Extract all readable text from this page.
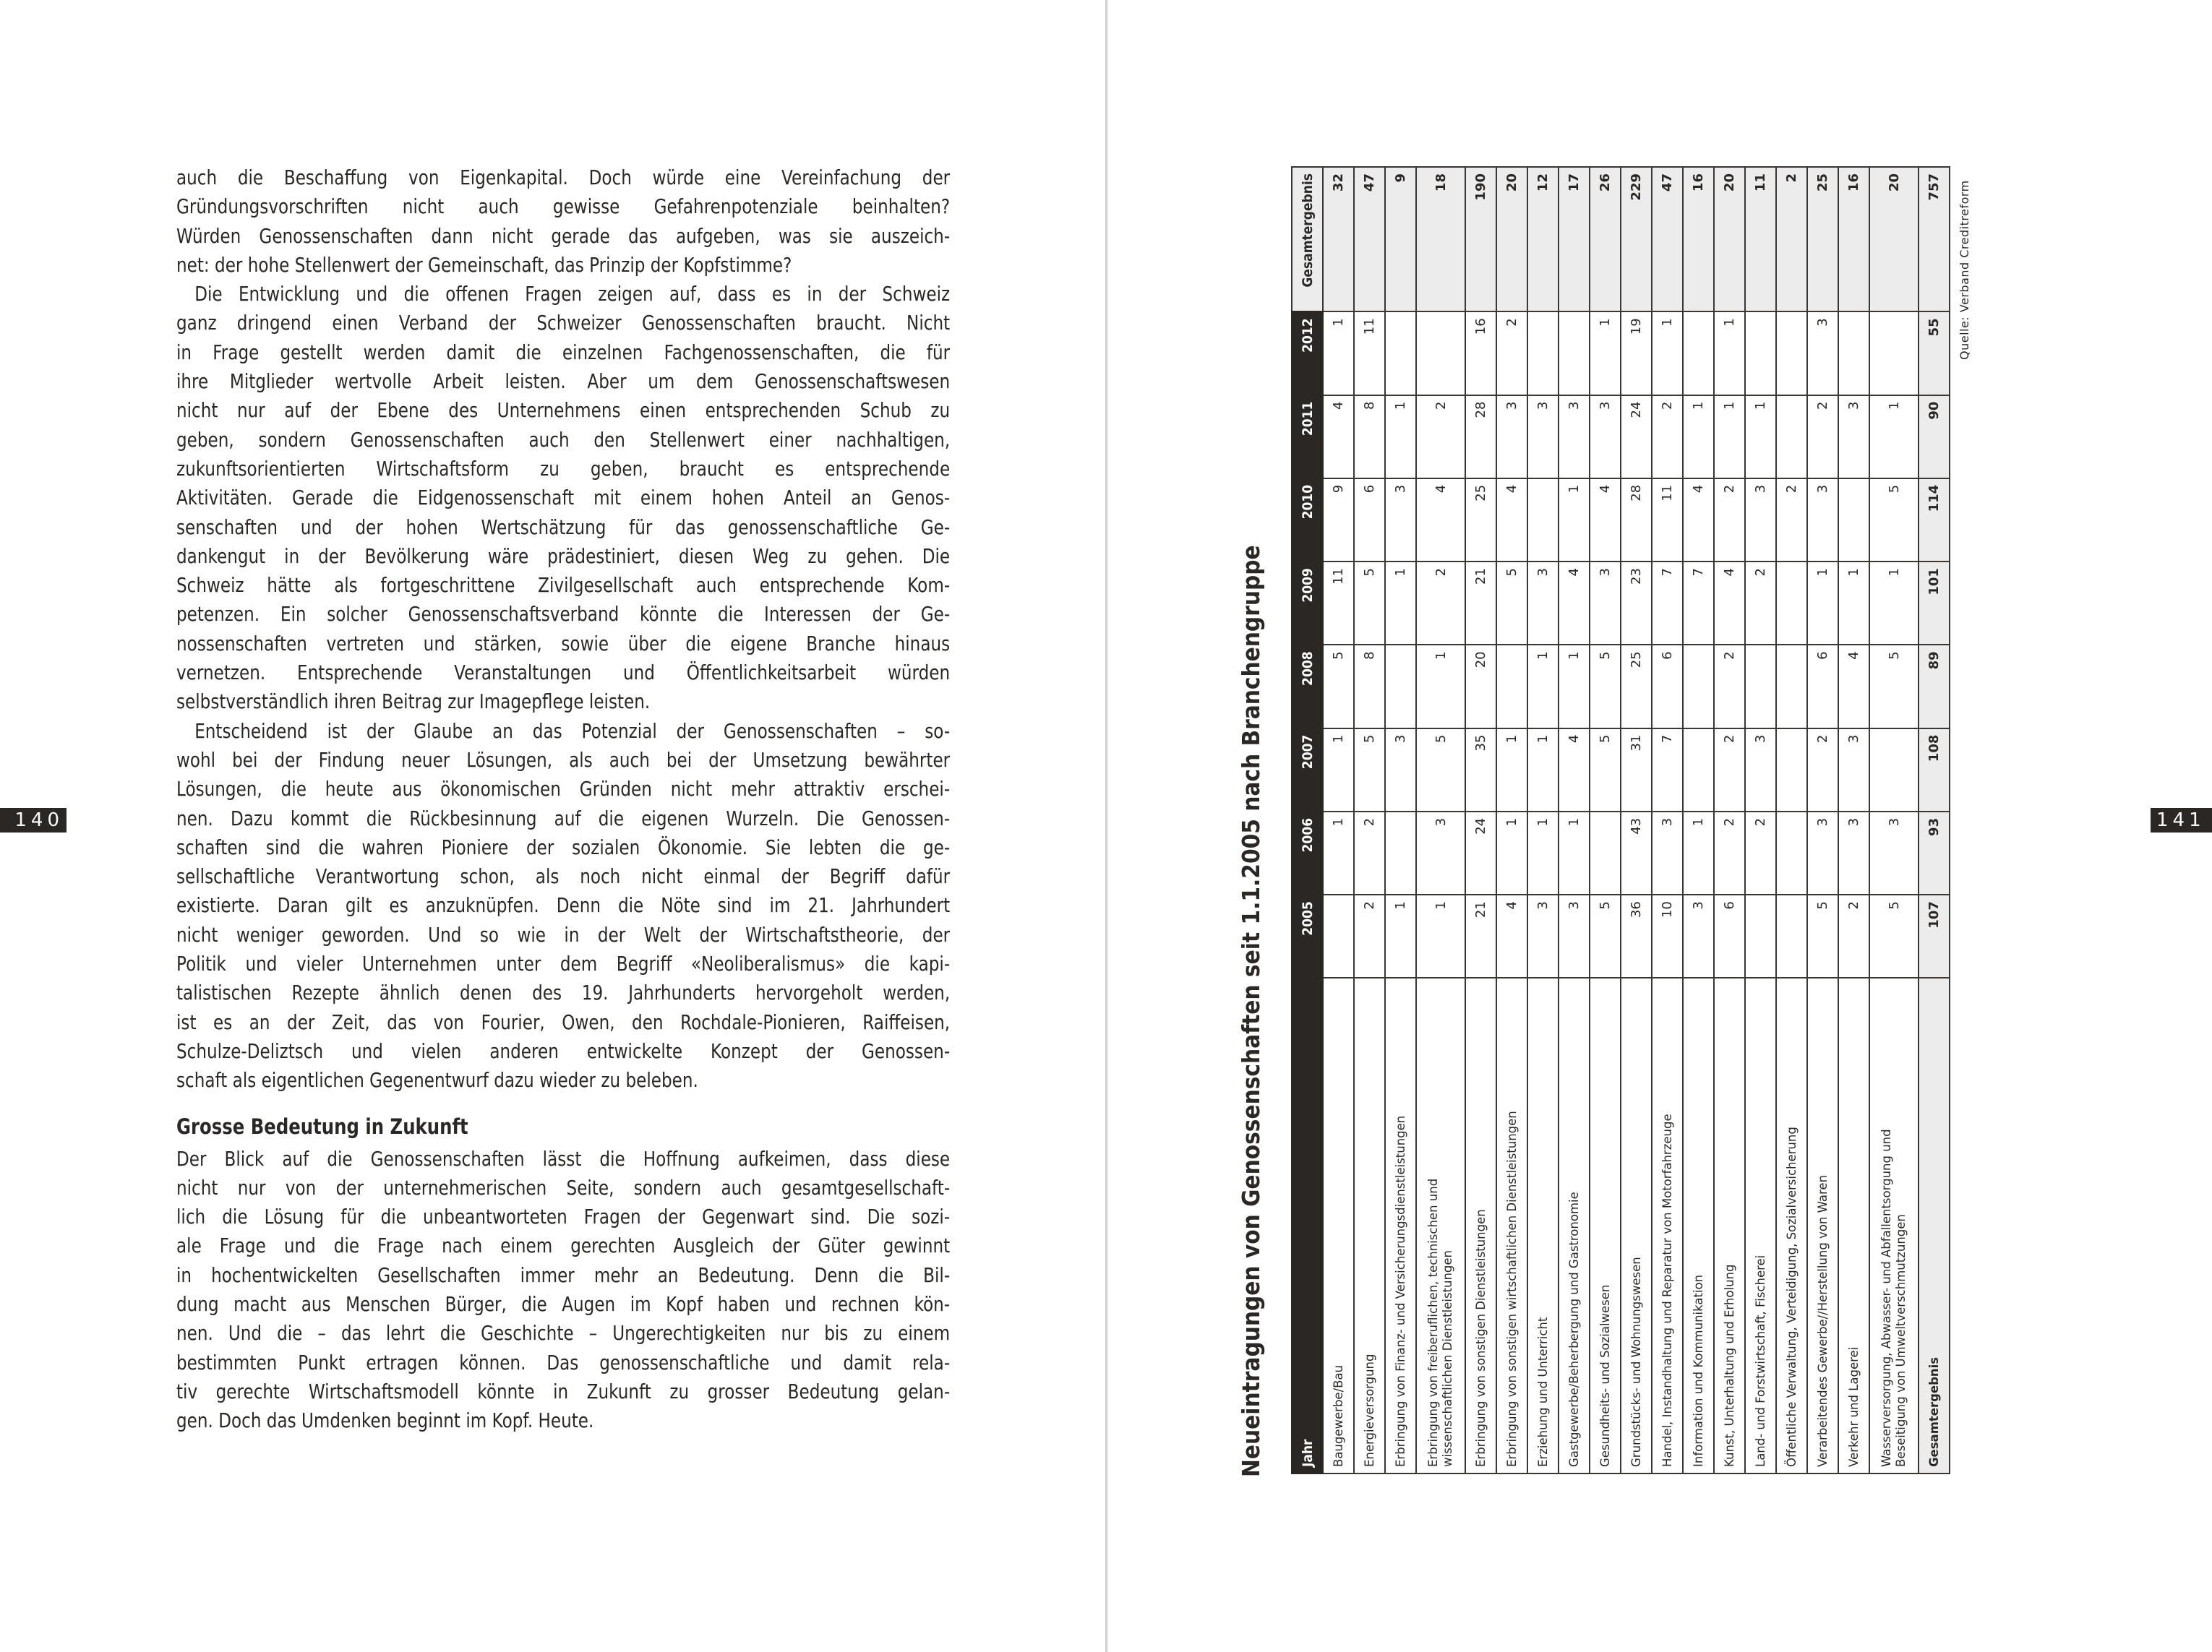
140	141

auch die Beschaffung von Eigenkapital. Doch würde eine Vereinfachung der
Gründungsvorschriften nicht auch gewisse Gefahrenpotenziale beinhalten?
Würden Genossenschaften dann nicht gerade das aufgeben, was sie auszeich-
net: der hohe Stellenwert der Gemeinschaft, das Prinzip der Kopfstimme?

Die Entwicklung und die offenen Fragen zeigen auf, dass es in der Schweiz
ganz dringend einen Verband der Schweizer Genossenschaften braucht. Nicht
in Frage gestellt werden damit die einzelnen Fachgenossenschaften, die für
ihre Mitglieder wertvolle Arbeit leisten. Aber um dem Genossenschaftswesen
nicht nur auf der Ebene des Unternehmens einen entsprechenden Schub zu
geben, sondern Genossenschaften auch den Stellenwert einer nachhaltigen,
zukunftsorientierten Wirtschaftsform zu geben, braucht es entsprechende
Aktivitäten. Gerade die Eidgenossenschaft mit einem hohen Anteil an Genos-
senschaften und der hohen Wertschätzung für das genossenschaftliche Ge-
dankengut in der Bevölkerung wäre prädestiniert, diesen Weg zu gehen. Die
Schweiz hätte als fortgeschrittene Zivilgesellschaft auch entsprechende Kom-
petenzen. Ein solcher Genossenschaftsverband könnte die Interessen der Ge-
nossenschaften vertreten und stärken, sowie über die eigene Branche hinaus
vernetzen. Entsprechende Veranstaltungen und Öffentlichkeitsarbeit würden
selbstverständlich ihren Beitrag zur Imagepflege leisten.

Entscheidend ist der Glaube an das Potenzial der Genossenschaften – so-
wohl bei der Findung neuer Lösungen, als auch bei der Umsetzung bewährter
Lösungen, die heute aus ökonomischen Gründen nicht mehr attraktiv erschei-
nen. Dazu kommt die Rückbesinnung auf die eigenen Wurzeln. Die Genossen-
schaften sind die wahren Pioniere der sozialen Ökonomie. Sie lebten die ge-
sellschaftliche Verantwortung schon, als noch nicht einmal der Begriff dafür
existierte. Daran gilt es anzuknüpfen. Denn die Nöte sind im 21. Jahrhundert
nicht weniger geworden. Und so wie in der Welt der Wirtschaftstheorie, der
Politik und vieler Unternehmen unter dem Begriff «Neoliberalismus» die kapi-
talistischen Rezepte ähnlich denen des 19. Jahrhunderts hervorgeholt werden,
ist es an der Zeit, das von Fourier, Owen, den Rochdale-Pionieren, Raiffeisen,
Schulze-Deliztsch und vielen anderen entwickelte Konzept der Genossen-
schaft als eigentlichen Gegenentwurf dazu wieder zu beleben.

Grosse Bedeutung in Zukunft

Der Blick auf die Genossenschaften lässt die Hoffnung aufkeimen, dass diese
nicht nur von der unternehmerischen Seite, sondern auch gesamtgesellschaft-
lich die Lösung für die unbeantworteten Fragen der Gegenwart sind. Die sozi-
ale Frage und die Frage nach einem gerechten Ausgleich der Güter gewinnt
in hochentwickelten Gesellschaften immer mehr an Bedeutung. Denn die Bil-
dung macht aus Menschen Bürger, die Augen im Kopf haben und rechnen kön-
nen. Und die – das lehrt die Geschichte – Ungerechtigkeiten nur bis zu einem
bestimmten Punkt ertragen können. Das genossenschaftliche und damit rela-
tiv gerechte Wirtschaftsmodell könnte in Zukunft zu grosser Bedeutung gelan-
gen. Doch das Umdenken beginnt im Kopf. Heute.	Neueintragungen von Genossenschaften seit 1.1.2005 nach Branchengruppe
Quelle: Verband Creditreform
Jahr	2005	2006	2007	2008	2009	2010	2011	2012	Gesamtergebnis

Baugewerbe/Bau		1	1	5	11	9	4	1	32

Energieversorgung	2	2	5	8	5	6	8	11	47

Erbringung von Finanz- und Versicherungsdienstleistungen	1		3		1	3	1		9

Erbringung von freiberuflichen, technischen und wissenschaftlichen Dienstleistungen	1	3	5	1	2	4	2		18

Erbringung von sonstigen Dienstleistungen	21	24	35	20	21	25	28	16	190

Erbringung von sonstigen wirtschaftlichen Dienstleistungen	4	1	1		5	4	3	2	20

Erziehung und Unterricht	3	1	1	1	3		3		12

Gastgewerbe/Beherbergung und Gastronomie	3	1	4	1	4	1	3		17

Gesundheits- und Sozialwesen	5		5	5	3	4	3	1	26

Grundstücks- und Wohnungswesen	36	43	31	25	23	28	24	19	229

Handel, Instandhaltung und Reparatur von Motorfahrzeuge	10	3	7	6	7	11	2	1	47

Information und Kommunikation	3	1			7	4	1		16

Kunst, Unterhaltung und Erholung	6	2	2	2	4	2	1	1	20

Land- und Forstwirtschaft, Fischerei		2	3		2	3	1		11

Öffentliche Verwaltung, Verteidigung, Sozialversicherung						2			2

Verarbeitendes Gewerbe//Herstellung von Waren	5	3	2	6	1	3	2	3	25

Verkehr und Lagerei	2	3	3	4	1		3		16

Wasserversorgung, Abwasser- und Abfallentsorgung und Beseitigung von Umweltverschmutzungen	5	3		5	1	5	1		20
Gesamtergebnis	107	93	108	89	101	114	90	55	757
